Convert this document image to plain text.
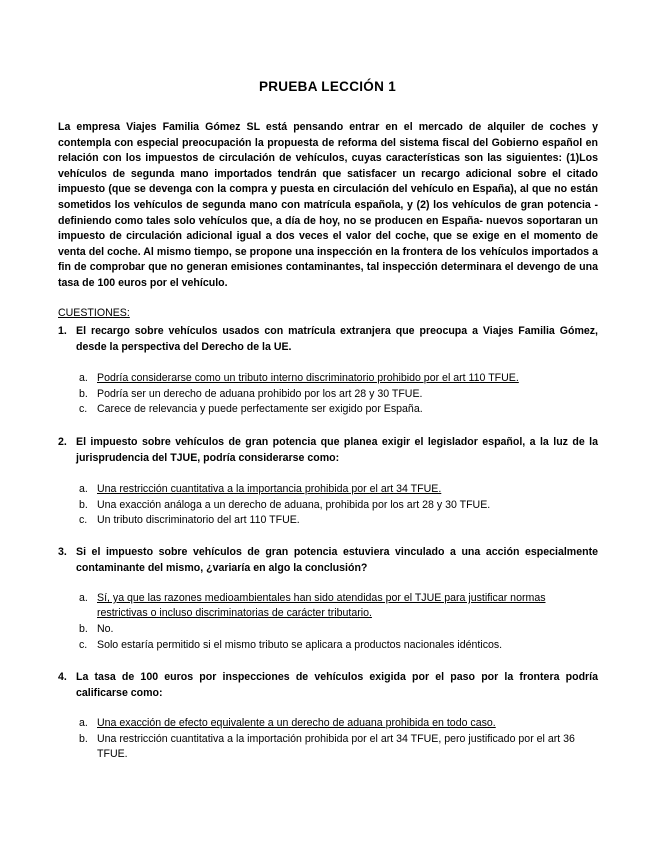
PRUEBA LECCIÓN 1
La empresa Viajes Familia Gómez SL está pensando entrar en el mercado de alquiler de coches y contempla con especial preocupación la propuesta de reforma del sistema fiscal del Gobierno español en relación con los impuestos de circulación de vehículos, cuyas características son las siguientes: (1)Los vehículos de segunda mano importados tendrán que satisfacer un recargo adicional sobre el citado impuesto (que se devenga con la compra y puesta en circulación del vehículo en España), al que no están sometidos los vehículos de segunda mano con matrícula española, y (2) los vehículos de gran potencia -definiendo como tales solo vehículos que, a día de hoy, no se producen en España- nuevos soportaran un impuesto de circulación adicional igual a dos veces el valor del coche, que se exige en el momento de venta del coche. Al mismo tiempo, se propone una inspección en la frontera de los vehículos importados a fin de comprobar que no generan emisiones contaminantes, tal inspección determinara el devengo de una tasa de 100 euros por el vehículo.
CUESTIONES:
1. El recargo sobre vehículos usados con matrícula extranjera que preocupa a Viajes Familia Gómez, desde la perspectiva del Derecho de la UE.
a. Podría considerarse como un tributo interno discriminatorio prohibido por el art 110 TFUE.
b. Podría ser un derecho de aduana prohibido por los art 28 y 30 TFUE.
c. Carece de relevancia y puede perfectamente ser exigido por España.
2. El impuesto sobre vehículos de gran potencia que planea exigir el legislador español, a la luz de la jurisprudencia del TJUE, podría considerarse como:
a. Una restricción cuantitativa a la importancia prohibida por el art 34 TFUE.
b. Una exacción análoga a un derecho de aduana, prohibida por los art 28 y 30 TFUE.
c. Un tributo discriminatorio del art 110 TFUE.
3. Si el impuesto sobre vehículos de gran potencia estuviera vinculado a una acción especialmente contaminante del mismo, ¿variaría en algo la conclusión?
a. Sí, ya que las razones medioambientales han sido atendidas por el TJUE para justificar normas restrictivas o incluso discriminatorias de carácter tributario.
b. No.
c. Solo estaría permitido si el mismo tributo se aplicara a productos nacionales idénticos.
4. La tasa de 100 euros por inspecciones de vehículos exigida por el paso por la frontera podría calificarse como:
a. Una exacción de efecto equivalente a un derecho de aduana prohibida en todo caso.
b. Una restricción cuantitativa a la importación prohibida por el art 34 TFUE, pero justificado por el art 36 TFUE.
